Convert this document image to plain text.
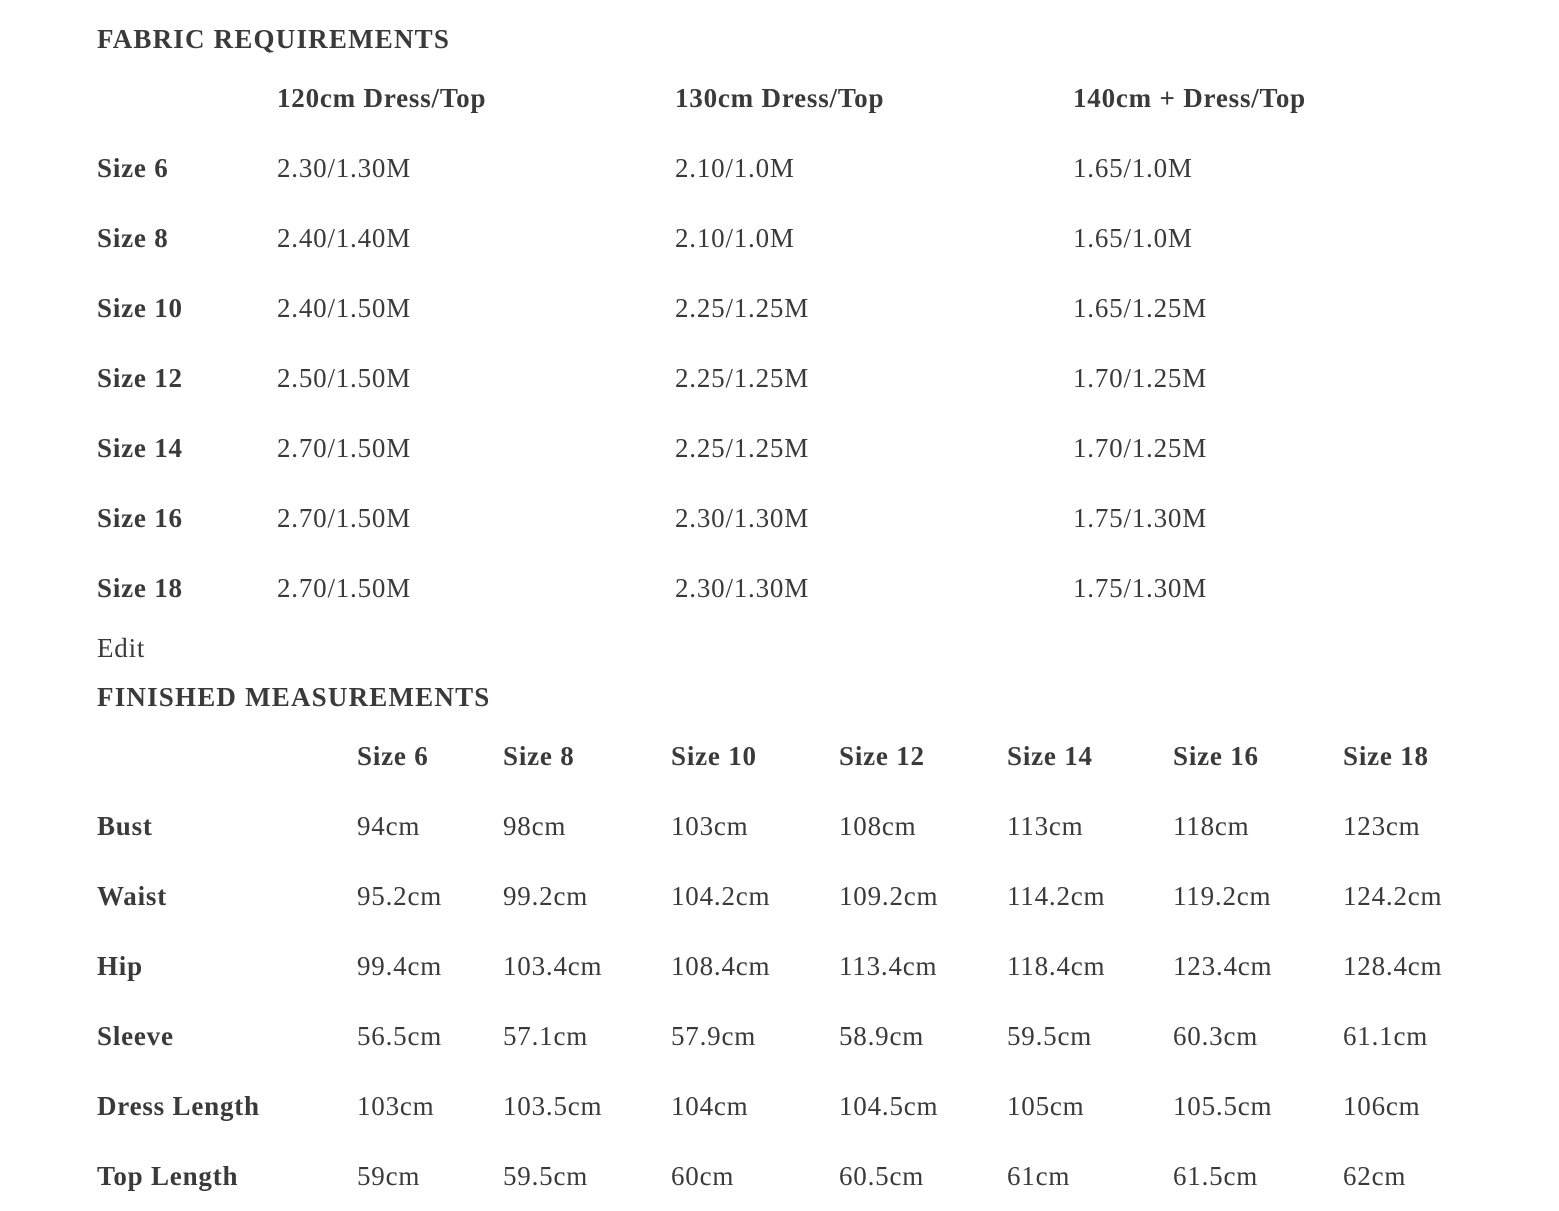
FABRIC REQUIREMENTS
	120cm Dress/Top	130cm Dress/Top	140cm + Dress/Top
Size 6	2.30/1.30M	2.10/1.0M	1.65/1.0M
Size 8	2.40/1.40M	2.10/1.0M	1.65/1.0M
Size 10	2.40/1.50M	2.25/1.25M	1.65/1.25M
Size 12	2.50/1.50M	2.25/1.25M	1.70/1.25M
Size 14	2.70/1.50M	2.25/1.25M	1.70/1.25M
Size 16	2.70/1.50M	2.30/1.30M	1.75/1.30M
Size 18	2.70/1.50M	2.30/1.30M	1.75/1.30M
Edit
FINISHED MEASUREMENTS
	Size 6	Size 8	Size 10	Size 12	Size 14	Size 16	Size 18
Bust	94cm	98cm	103cm	108cm	113cm	118cm	123cm
Waist	95.2cm	99.2cm	104.2cm	109.2cm	114.2cm	119.2cm	124.2cm
Hip	99.4cm	103.4cm	108.4cm	113.4cm	118.4cm	123.4cm	128.4cm
Sleeve	56.5cm	57.1cm	57.9cm	58.9cm	59.5cm	60.3cm	61.1cm
Dress Length	103cm	103.5cm	104cm	104.5cm	105cm	105.5cm	106cm
Top Length	59cm	59.5cm	60cm	60.5cm	61cm	61.5cm	62cm
